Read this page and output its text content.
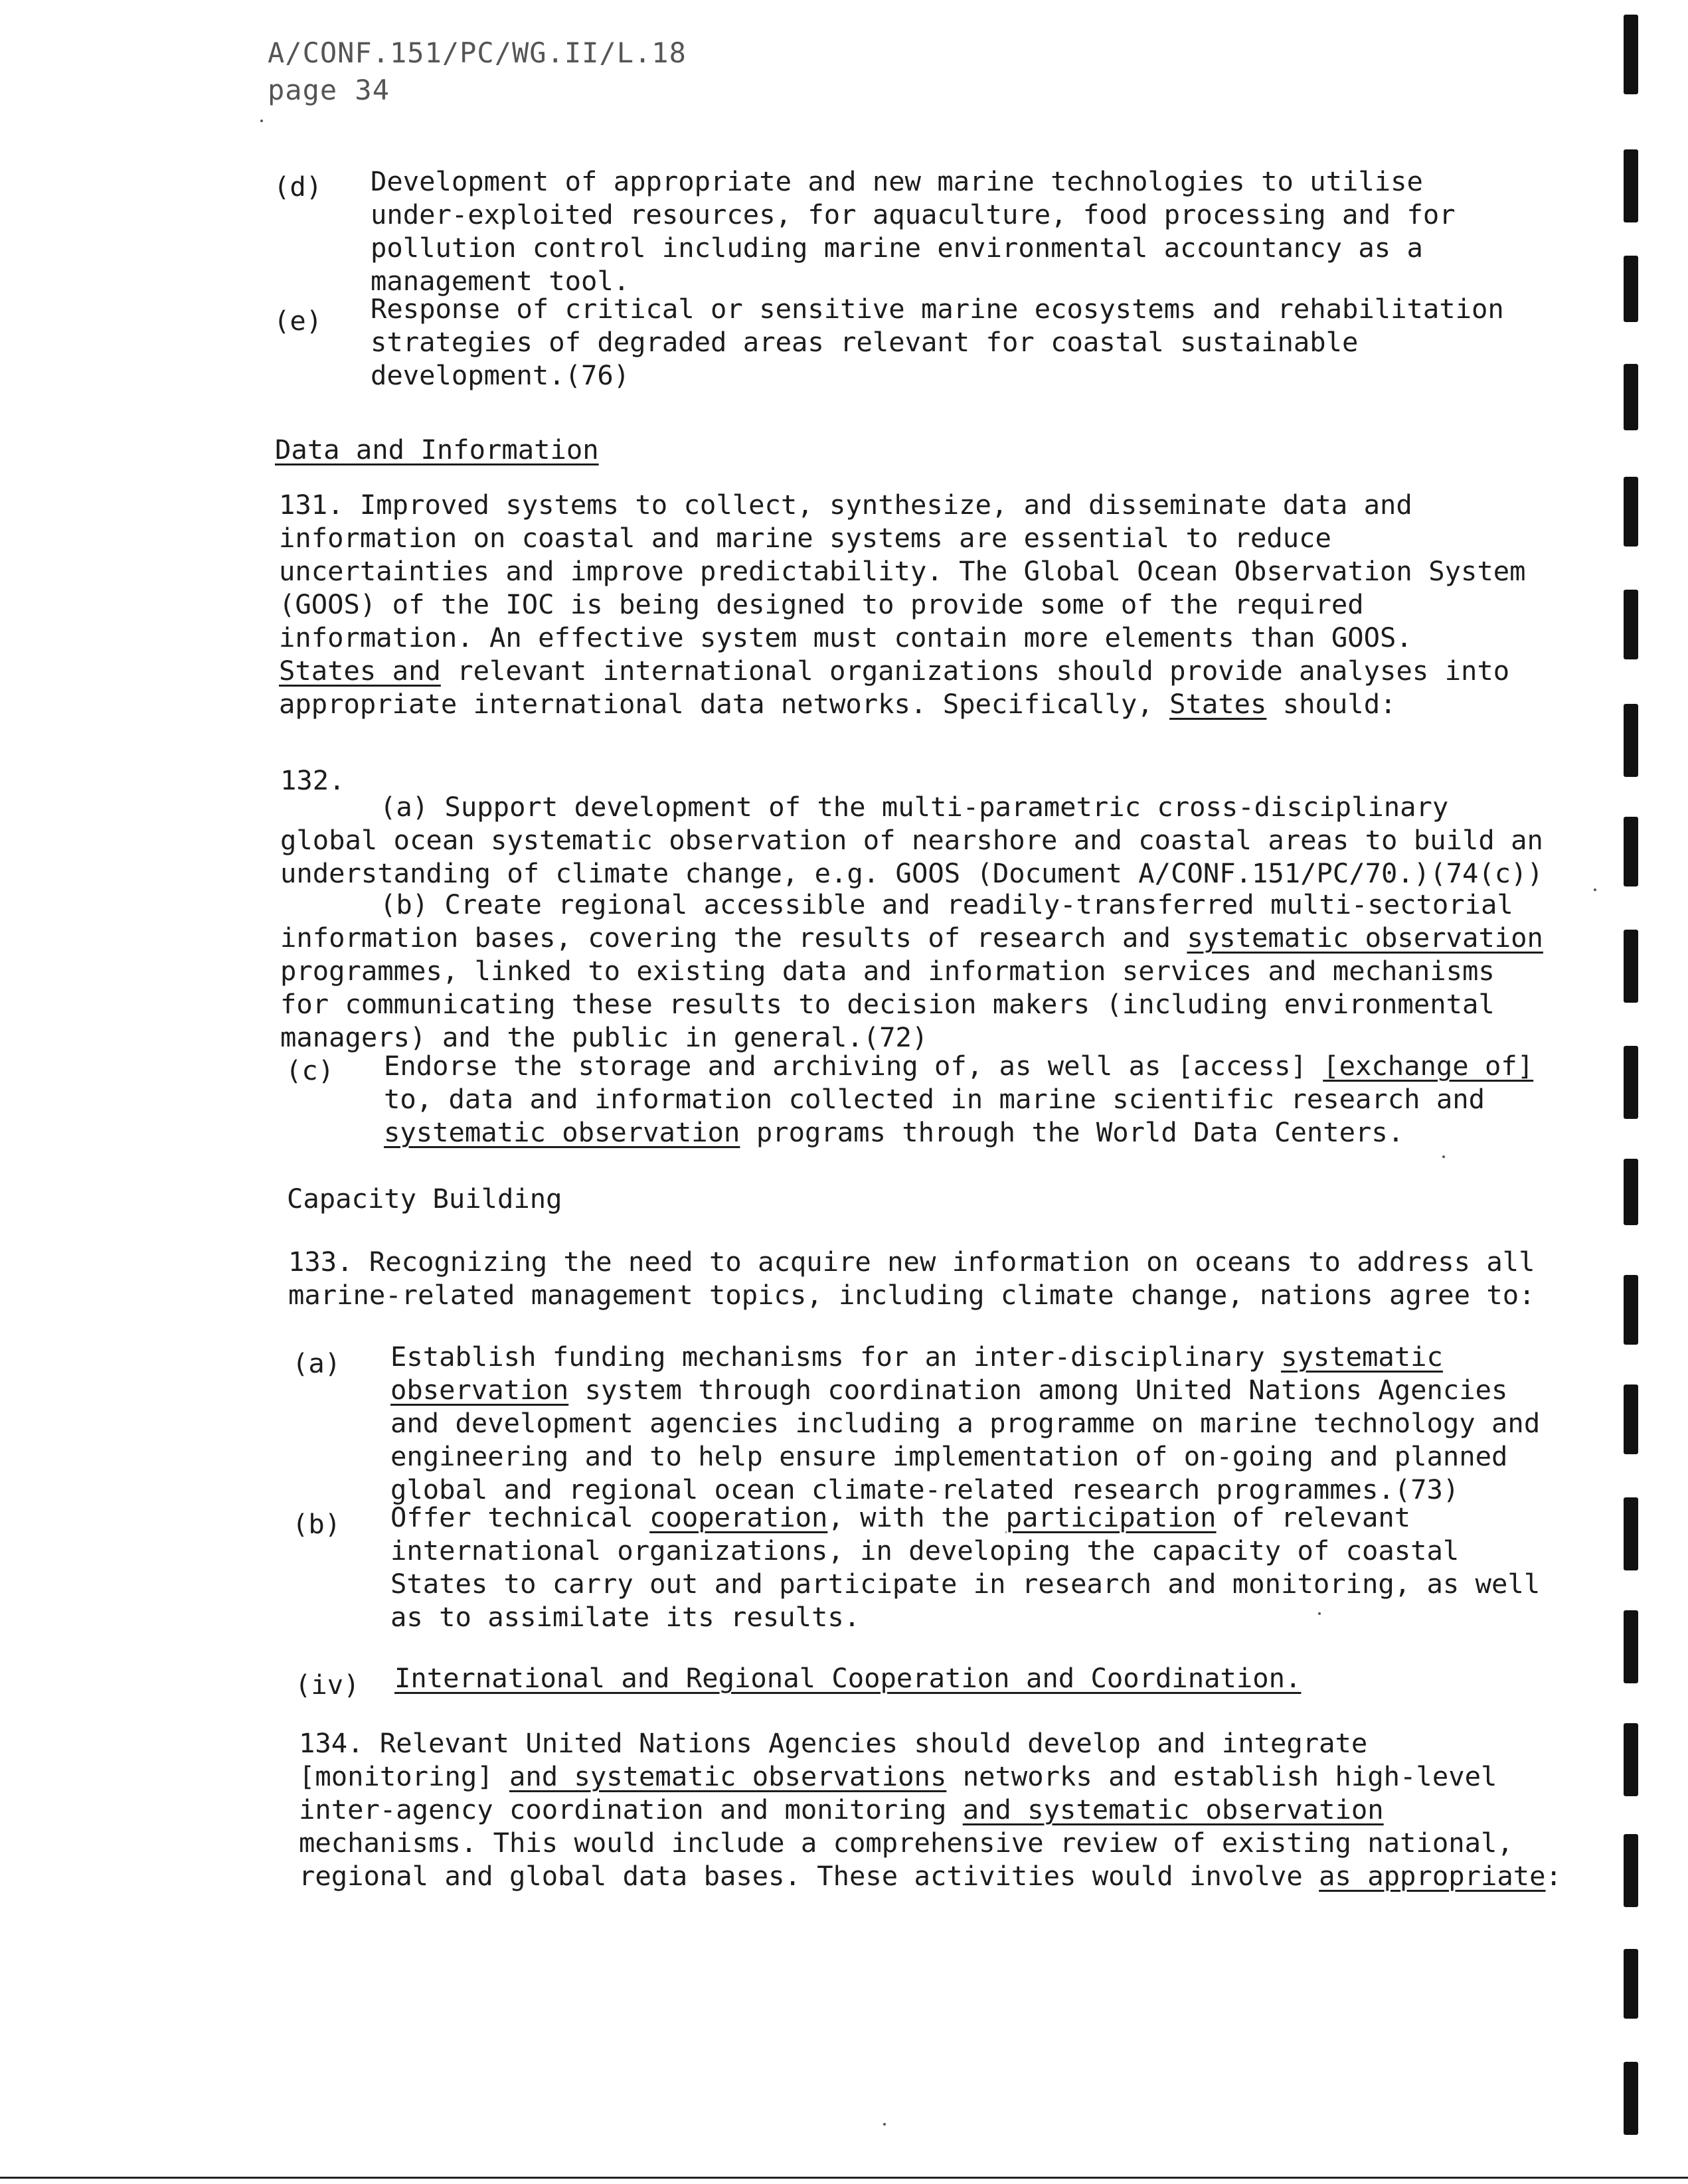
A/CONF.151/PC/WG.II/L.18
page 34
(d) Development of appropriate and new marine technologies to utilise
under-exploited resources, for aquaculture, food processing and for
pollution control including marine environmental accountancy as a
management tool.
(e) Response of critical or sensitive marine ecosystems and rehabilitation
strategies of degraded areas relevant for coastal sustainable
development.(76)
Data and Information
131. Improved systems to collect, synthesize, and disseminate data and
information on coastal and marine systems are essential to reduce
uncertainties and improve predictability. The Global Ocean Observation System
(GOOS) of the IOC is being designed to provide some of the required
information. An effective system must contain more elements than GOOS.
States and relevant international organizations should provide analyses into
appropriate international data networks. Specifically, States should:
132.
(a) Support development of the multi-parametric cross-disciplinary
global ocean systematic observation of nearshore and coastal areas to build an
understanding of climate change, e.g. GOOS (Document A/CONF.151/PC/70.)(74(c))
(b) Create regional accessible and readily-transferred multi-sectorial
information bases, covering the results of research and systematic observation
programmes, linked to existing data and information services and mechanisms
for communicating these results to decision makers (including environmental
managers) and the public in general.(72)
(c) Endorse the storage and archiving of, as well as [access] [exchange of]
to, data and information collected in marine scientific research and
systematic observation programs through the World Data Centers.
Capacity Building
133. Recognizing the need to acquire new information on oceans to address all
marine-related management topics, including climate change, nations agree to:
(a) Establish funding mechanisms for an inter-disciplinary systematic
observation system through coordination among United Nations Agencies
and development agencies including a programme on marine technology and
engineering and to help ensure implementation of on-going and planned
global and regional ocean climate-related research programmes.(73)
(b) Offer technical cooperation, with the participation of relevant
international organizations, in developing the capacity of coastal
States to carry out and participate in research and monitoring, as well
as to assimilate its results.
(iv) International and Regional Cooperation and Coordination.
134. Relevant United Nations Agencies should develop and integrate
[monitoring] and systematic observations networks and establish high-level
inter-agency coordination and monitoring and systematic observation
mechanisms. This would include a comprehensive review of existing national,
regional and global data bases. These activities would involve as appropriate:
